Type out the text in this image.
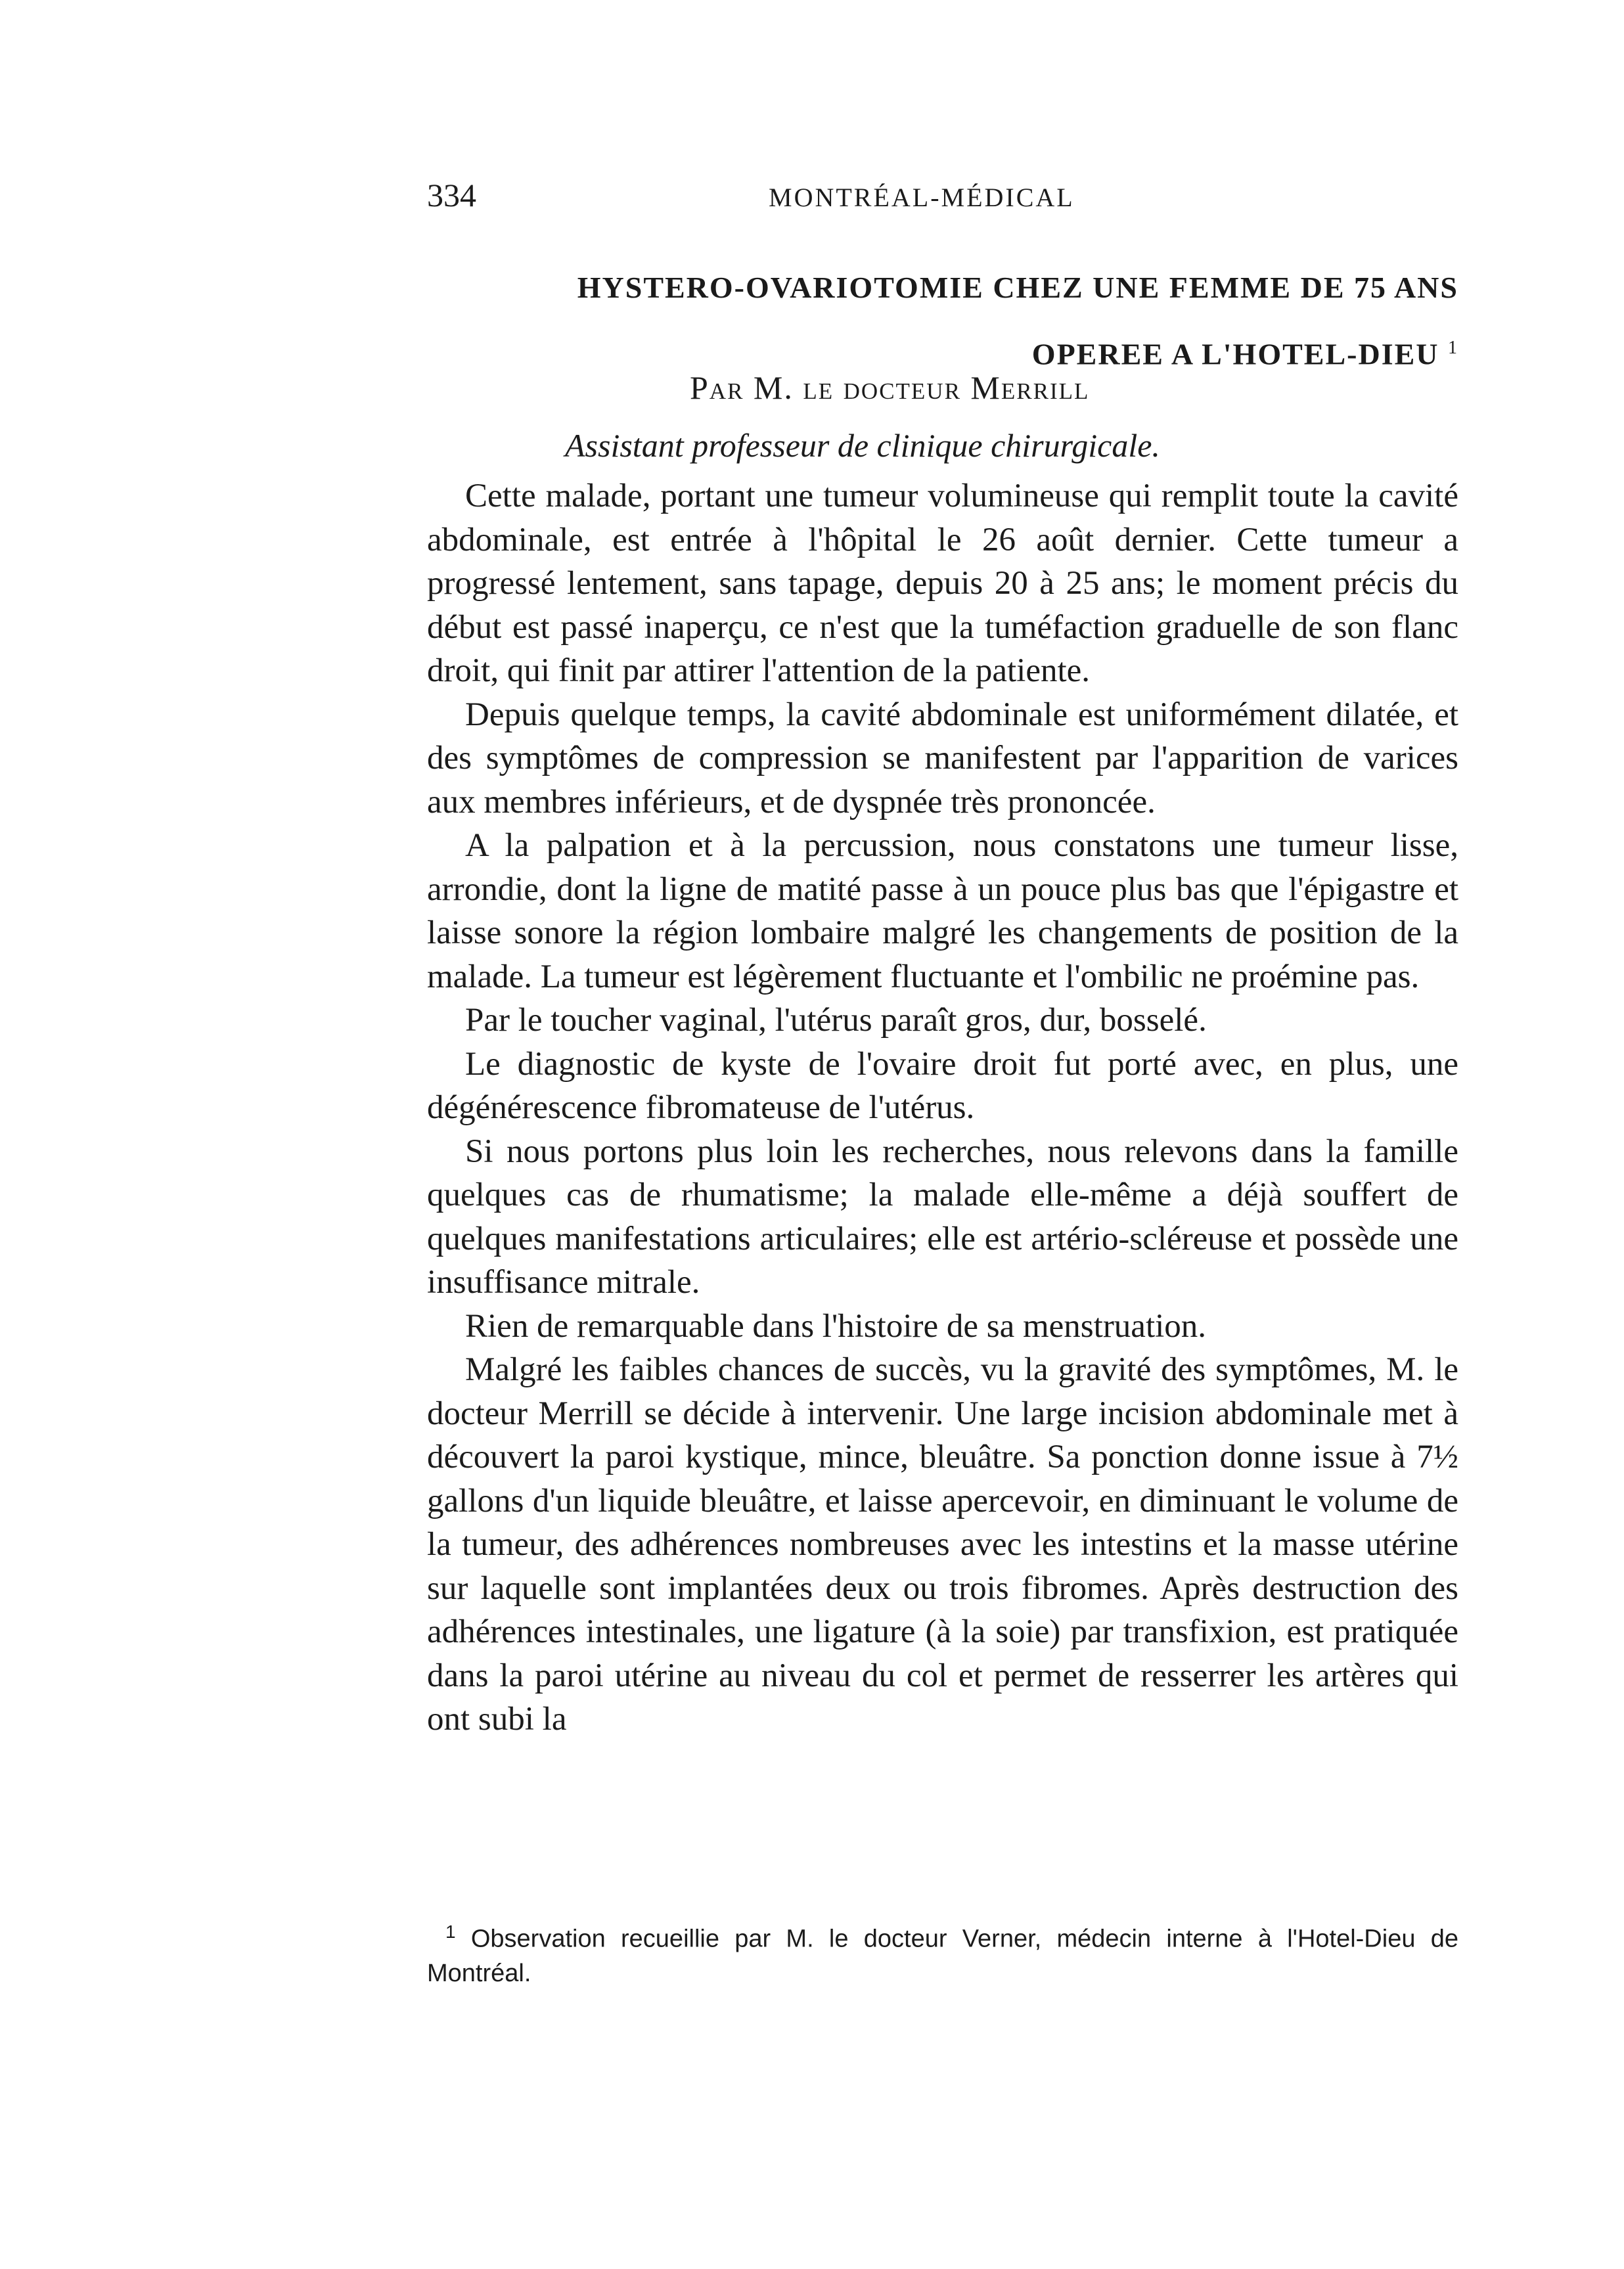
334	MONTRÉAL-MÉDICAL
HYSTERO-OVARIOTOMIE CHEZ UNE FEMME DE 75 ANS
OPEREE A L'HOTEL-DIEU $^1$
Par M. le docteur Merrill
Assistant professeur de clinique chirurgicale.

Cette malade, portant une tumeur volumineuse qui remplit toute la cavité abdominale, est entrée à l'hôpital le 26 août dernier. Cette tumeur a progressé lentement, sans tapage, depuis 20 à 25 ans; le moment précis du début est passé inaperçu, ce n'est que la tuméfaction graduelle de son flanc droit, qui finit par attirer l'attention de la patiente.

Depuis quelque temps, la cavité abdominale est uniformément dilatée, et des symptômes de compression se manifestent par l'apparition de varices aux membres inférieurs, et de dyspnée très prononcée.

A la palpation et à la percussion, nous constatons une tumeur lisse, arrondie, dont la ligne de matité passe à un pouce plus bas que l'épigastre et laisse sonore la région lombaire malgré les changements de position de la malade. La tumeur est légèrement fluctuante et l'ombilic ne proémine pas.

Par le toucher vaginal, l'utérus paraît gros, dur, bosselé.

Le diagnostic de kyste de l'ovaire droit fut porté avec, en plus, une dégénérescence fibromateuse de l'utérus.

Si nous portons plus loin les recherches, nous relevons dans la famille quelques cas de rhumatisme; la malade elle-même a déjà souffert de quelques manifestations articulaires; elle est artério-scléreuse et possède une insuffisance mitrale.

Rien de remarquable dans l'histoire de sa menstruation.

Malgré les faibles chances de succès, vu la gravité des symptômes, M. le docteur Merrill se décide à intervenir. Une large incision abdominale met à découvert la paroi kystique, mince, bleuâtre. Sa ponction donne issue à 7½ gallons d'un liquide bleuâtre, et laisse apercevoir, en diminuant le volume de la tumeur, des adhérences nombreuses avec les intestins et la masse utérine sur laquelle sont implantées deux ou trois fibromes. Après destruction des adhérences intestinales, une ligature (à la soie) par transfixion, est pratiquée dans la paroi utérine au niveau du col et permet de resserrer les artères qui ont subi la

$^1$ Observation recueillie par M. le docteur Verner, médecin interne à l'Hotel-Dieu de Montréal.
